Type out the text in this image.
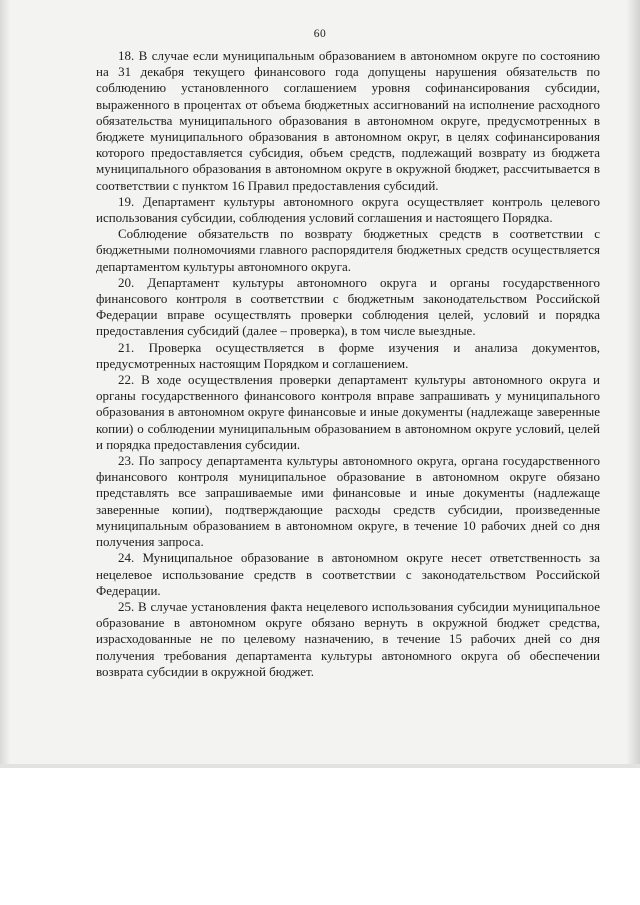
60

18. В случае если муниципальным образованием в автономном округе по состоянию на 31 декабря текущего финансового года допущены нарушения обязательств по соблюдению установленного соглашением уровня софинансирования субсидии, выраженного в процентах от объема бюджетных ассигнований на исполнение расходного обязательства муниципального образования в автономном округе, предусмотренных в бюджете муниципального образования в автономном округ, в целях софинансирования которого предоставляется субсидия, объем средств, подлежащий возврату из бюджета муниципального образования в автономном округе в окружной бюджет, рассчитывается в соответствии с пунктом 16 Правил предоставления субсидий.

19. Департамент культуры автономного округа осуществляет контроль целевого использования субсидии, соблюдения условий соглашения и настоящего Порядка.

Соблюдение обязательств по возврату бюджетных средств в соответствии с бюджетными полномочиями главного распорядителя бюджетных средств осуществляется департаментом культуры автономного округа.

20. Департамент культуры автономного округа и органы государственного финансового контроля в соответствии с бюджетным законодательством Российской Федерации вправе осуществлять проверки соблюдения целей, условий и порядка предоставления субсидий (далее – проверка), в том числе выездные.

21. Проверка осуществляется в форме изучения и анализа документов, предусмотренных настоящим Порядком и соглашением.

22. В ходе осуществления проверки департамент культуры автономного округа и органы государственного финансового контроля вправе запрашивать у муниципального образования в автономном округе финансовые и иные документы (надлежаще заверенные копии) о соблюдении муниципальным образованием в автономном округе условий, целей и порядка предоставления субсидии.

23. По запросу департамента культуры автономного округа, органа государственного финансового контроля муниципальное образование в автономном округе обязано представлять все запрашиваемые ими финансовые и иные документы (надлежаще заверенные копии), подтверждающие расходы средств субсидии, произведенные муниципальным образованием в автономном округе, в течение 10 рабочих дней со дня получения запроса.

24. Муниципальное образование в автономном округе несет ответственность за нецелевое использование средств в соответствии с законодательством Российской Федерации.

25. В случае установления факта нецелевого использования субсидии муниципальное образование в автономном округе обязано вернуть в окружной бюджет средства, израсходованные не по целевому назначению, в течение 15 рабочих дней со дня получения требования департамента культуры автономного округа об обеспечении возврата субсидии в окружной бюджет.
